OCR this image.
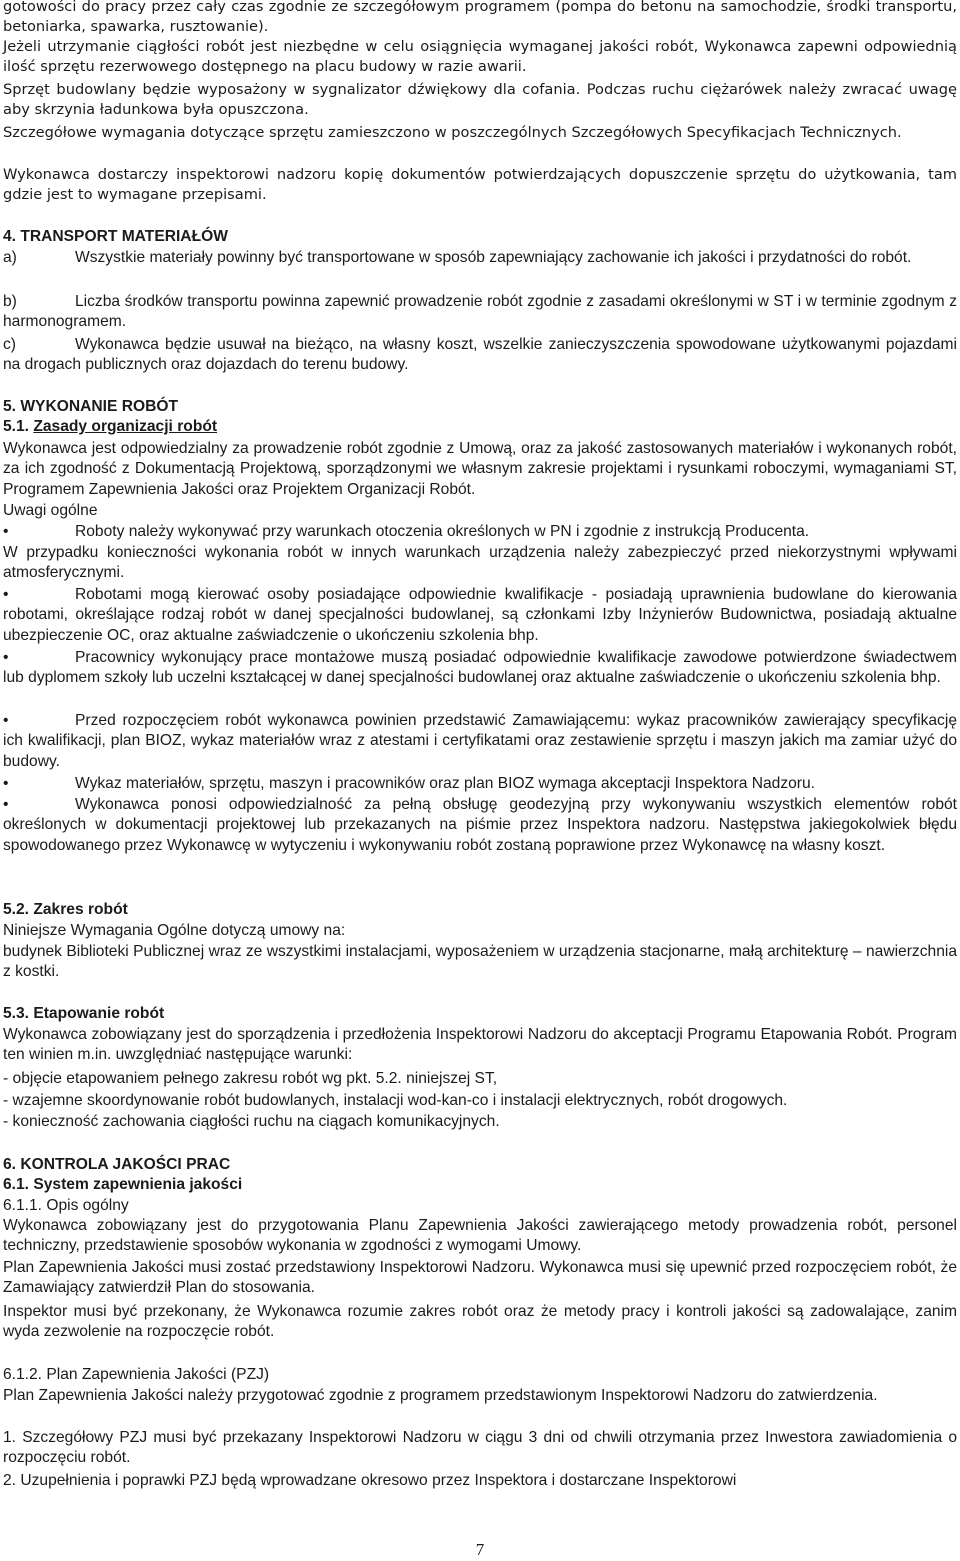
gotowości do pracy przez cały czas zgodnie ze szczegółowym programem (pompa do betonu na samochodzie, środki transportu, betoniarka, spawarka, rusztowanie).

Jeżeli utrzymanie ciągłości robót jest niezbędne w celu osiągnięcia wymaganej jakości robót, Wykonawca zapewni odpowiednią ilość sprzętu rezerwowego dostępnego na placu budowy w razie awarii.

Sprzęt budowlany będzie wyposażony w sygnalizator dźwiękowy dla cofania. Podczas ruchu ciężarówek należy zwracać uwagę aby skrzynia ładunkowa była opuszczona.

Szczegółowe wymagania dotyczące sprzętu zamieszczono w poszczególnych Szczegółowych Specyfikacjach Technicznych.

Wykonawca dostarczy inspektorowi nadzoru kopię dokumentów potwierdzających dopuszczenie sprzętu do użytkowania, tam gdzie jest to wymagane przepisami.

4. TRANSPORT MATERIAŁÓW

a)	Wszystkie materiały powinny być transportowane w sposób zapewniający zachowanie ich jakości i przydatności do robót.

b)	Liczba środków transportu powinna zapewnić prowadzenie robót zgodnie z zasadami określonymi w ST i w terminie zgodnym z harmonogramem.

c)	Wykonawca będzie usuwał na bieżąco, na własny koszt, wszelkie zanieczyszczenia spowodowane użytkowanymi pojazdami na drogach publicznych oraz dojazdach do terenu budowy.

5. WYKONANIE ROBÓT

5.1. Zasady organizacji robót

Wykonawca jest odpowiedzialny za prowadzenie robót zgodnie z Umową, oraz za jakość zastosowanych materiałów i wykonanych robót, za ich zgodność z Dokumentacją Projektową, sporządzonymi we własnym zakresie projektami i rysunkami roboczymi, wymaganiami ST, Programem Zapewnienia Jakości oraz Projektem Organizacji Robót.

Uwagi ogólne

•	Roboty należy wykonywać przy warunkach otoczenia określonych w PN i zgodnie z instrukcją Producenta.

W przypadku konieczności wykonania robót w innych warunkach urządzenia należy zabezpieczyć przed niekorzystnymi wpływami atmosferycznymi.

•	Robotami mogą kierować osoby posiadające odpowiednie kwalifikacje - posiadają uprawnienia budowlane do kierowania robotami, określające rodzaj robót w danej specjalności budowlanej, są członkami Izby Inżynierów Budownictwa, posiadają aktualne ubezpieczenie OC, oraz aktualne zaświadczenie o ukończeniu szkolenia bhp.

•	Pracownicy wykonujący prace montażowe muszą posiadać odpowiednie kwalifikacje zawodowe potwierdzone świadectwem lub dyplomem szkoły lub uczelni kształcącej w danej specjalności budowlanej oraz aktualne zaświadczenie o ukończeniu szkolenia bhp.

•	Przed rozpoczęciem robót wykonawca powinien przedstawić Zamawiającemu: wykaz pracowników zawierający specyfikację ich kwalifikacji, plan BIOZ, wykaz materiałów wraz z atestami i certyfikatami oraz zestawienie sprzętu i maszyn jakich ma zamiar użyć do budowy.

•	Wykaz materiałów, sprzętu, maszyn i pracowników oraz plan BIOZ wymaga akceptacji Inspektora Nadzoru.

•	Wykonawca ponosi odpowiedzialność za pełną obsługę geodezyjną przy wykonywaniu wszystkich elementów robót określonych w dokumentacji projektowej lub przekazanych na piśmie przez Inspektora nadzoru. Następstwa jakiegokolwiek błędu spowodowanego przez Wykonawcę w wytyczeniu i wykonywaniu robót zostaną poprawione przez Wykonawcę na własny koszt.

5.2. Zakres robót

Niniejsze Wymagania Ogólne dotyczą umowy na:

budynek Biblioteki Publicznej wraz ze wszystkimi instalacjami, wyposażeniem w urządzenia stacjonarne, małą architekturę – nawierzchnia z kostki.

5.3. Etapowanie robót

Wykonawca zobowiązany jest do sporządzenia i przedłożenia Inspektorowi Nadzoru do akceptacji Programu Etapowania Robót. Program ten winien m.in. uwzględniać następujące warunki:

- objęcie etapowaniem pełnego zakresu robót wg pkt. 5.2. niniejszej ST,

- wzajemne skoordynowanie robót budowlanych, instalacji wod-kan-co i instalacji elektrycznych, robót drogowych.

- konieczność zachowania ciągłości ruchu na ciągach komunikacyjnych.

6. KONTROLA JAKOŚCI PRAC

6.1. System zapewnienia jakości

6.1.1. Opis ogólny

Wykonawca zobowiązany jest do przygotowania Planu Zapewnienia Jakości zawierającego metody prowadzenia robót, personel techniczny, przedstawienie sposobów wykonania w zgodności z wymogami Umowy.

Plan Zapewnienia Jakości musi zostać przedstawiony Inspektorowi Nadzoru. Wykonawca musi się upewnić przed rozpoczęciem robót, że Zamawiający zatwierdził Plan do stosowania.

Inspektor musi być przekonany, że Wykonawca rozumie zakres robót oraz że metody pracy i kontroli jakości są zadowalające, zanim wyda zezwolenie na rozpoczęcie robót.

6.1.2. Plan Zapewnienia Jakości (PZJ)

Plan Zapewnienia Jakości należy przygotować zgodnie z programem przedstawionym Inspektorowi Nadzoru do zatwierdzenia.

1. Szczegółowy PZJ musi być przekazany Inspektorowi Nadzoru w ciągu 3 dni od chwili otrzymania przez Inwestora zawiadomienia o rozpoczęciu robót.

2. Uzupełnienia i poprawki PZJ będą wprowadzane okresowo przez Inspektora i dostarczane Inspektorowi

7
